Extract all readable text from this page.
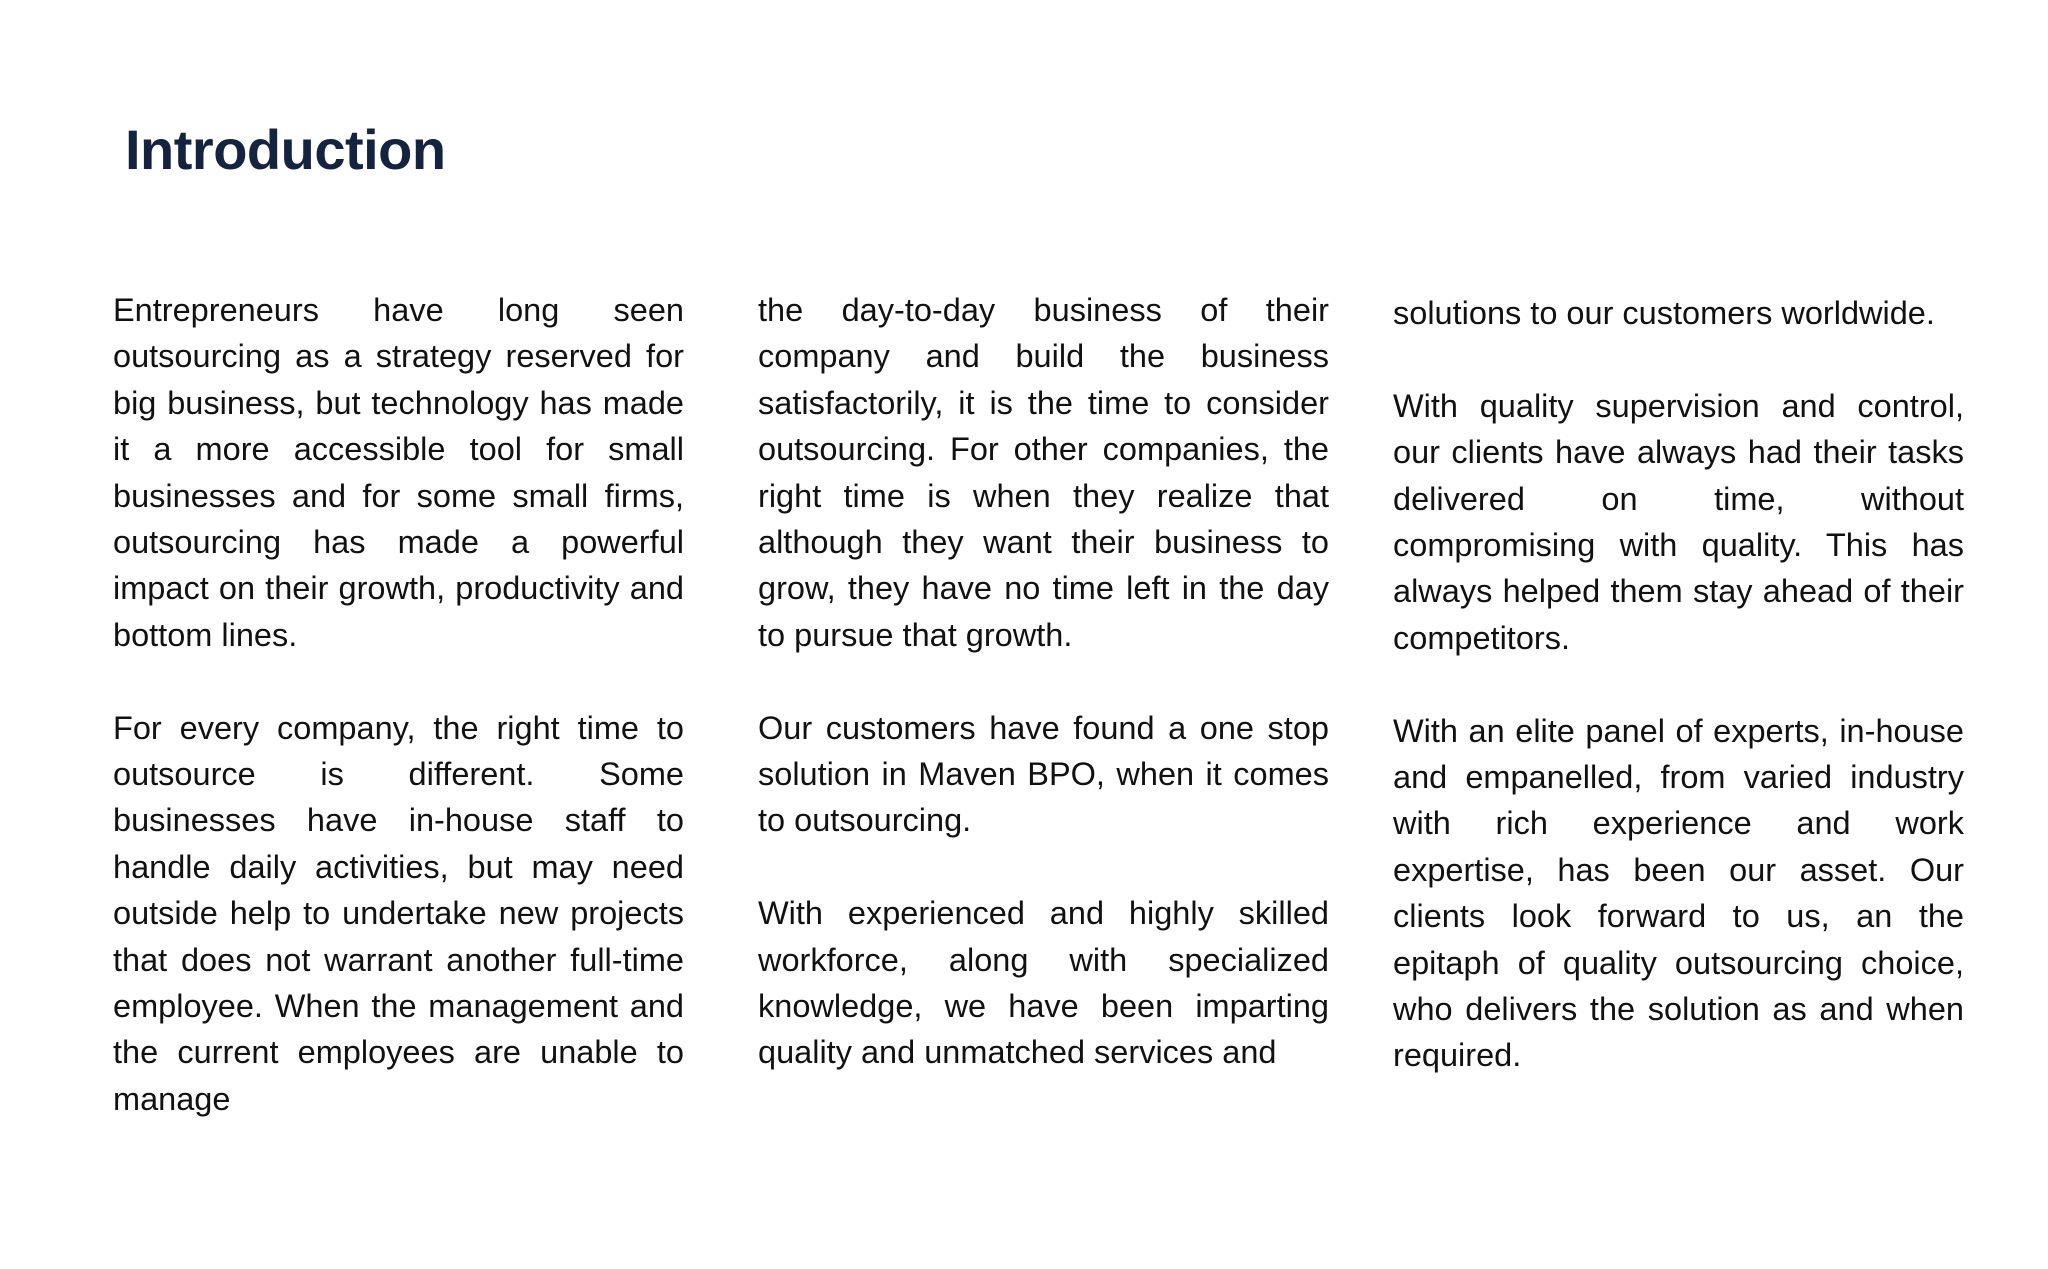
Introduction

Entrepreneurs have long seen outsourcing as a strategy reserved for big business, but technology has made it a more accessible tool for small businesses and for some small firms, outsourcing has made a powerful impact on their growth, productivity and bottom lines.

For every company, the right time to outsource is different. Some businesses have in-house staff to handle daily activities, but may need outside help to undertake new projects that does not warrant another full-time employee. When the management and the current employees are unable to manage

the day-to-day business of their company and build the business satisfactorily, it is the time to consider outsourcing. For other companies, the right time is when they realize that although they want their business to grow, they have no time left in the day to pursue that growth.

Our customers have found a one stop solution in Maven BPO, when it comes to outsourcing.

With experienced and highly skilled workforce, along with specialized knowledge, we have been imparting quality and unmatched services and

solutions to our customers worldwide.

With quality supervision and control, our clients have always had their tasks delivered on time, without compromising with quality. This has always helped them stay ahead of their competitors.

With an elite panel of experts, in-house and empanelled, from varied industry with rich experience and work expertise, has been our asset. Our clients look forward to us, an the epitaph of quality outsourcing choice, who delivers the solution as and when required.
